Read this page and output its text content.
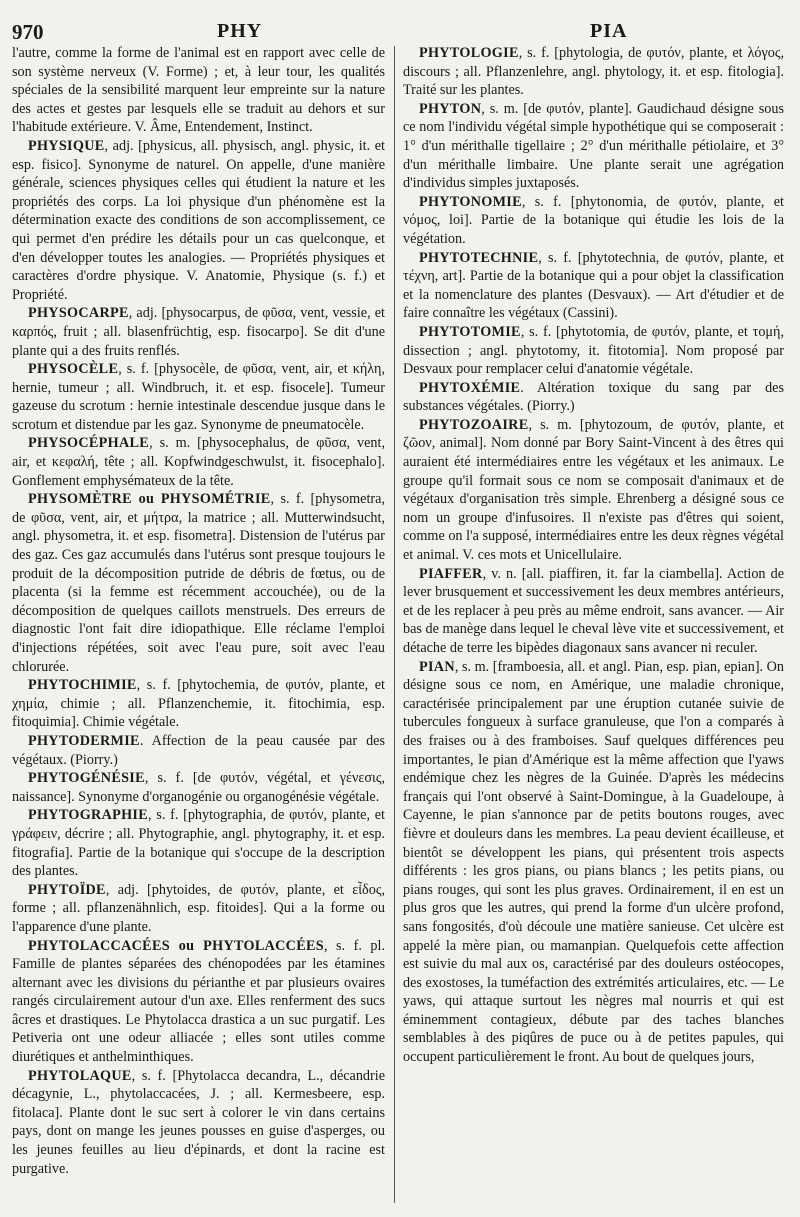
970	PHY	PIA

l'autre, comme la forme de l'animal est en rapport avec celle de son système nerveux (V. Forme) ; et, à leur tour, les qualités spéciales de la sensibilité marquent leur empreinte sur la nature des actes et gestes par lesquels elle se traduit au dehors et sur l'habitude extérieure. V. Âme, Entendement, Instinct.

PHYSIQUE, adj. [physicus, all. physisch, angl. physic, it. et esp. fisico]. Synonyme de naturel. On appelle, d'une manière générale, sciences physiques celles qui étudient la nature et les propriétés des corps. La loi physique d'un phénomène est la détermination exacte des conditions de son accomplissement, ce qui permet d'en prédire les détails pour un cas quelconque, et d'en développer toutes les analogies. — Propriétés physiques et caractères d'ordre physique. V. Anatomie, Physique (s. f.) et Propriété.

PHYSOCARPE, adj. [physocarpus, de φῦσα, vent, vessie, et καρπός, fruit ; all. blasenfrüchtig, esp. fisocarpo]. Se dit d'une plante qui a des fruits renflés.

PHYSOCÈLE, s. f. [physocèle, de φῦσα, vent, air, et κήλη, hernie, tumeur ; all. Windbruch, it. et esp. fisocele]. Tumeur gazeuse du scrotum : hernie intestinale descendue jusque dans le scrotum et distendue par les gaz. Synonyme de pneumatocèle.

PHYSOCÉPHALE, s. m. [physocephalus, de φῦσα, vent, air, et κεφαλή, tête ; all. Kopfwindgeschwulst, it. fisocephalo]. Gonflement emphysémateux de la tête.

PHYSOMÈTRE ou PHYSOMÉTRIE, s. f. [physometra, de φῦσα, vent, air, et μήτρα, la matrice ; all. Mutterwindsucht, angl. physometra, it. et esp. fisometra]. Distension de l'utérus par des gaz. Ces gaz accumulés dans l'utérus sont presque toujours le produit de la décomposition putride de débris de fœtus, ou de placenta (si la femme est récemment accouchée), ou de la décomposition de quelques caillots menstruels. Des erreurs de diagnostic l'ont fait dire idiopathique. Elle réclame l'emploi d'injections répétées, soit avec l'eau pure, soit avec l'eau chlorurée.

PHYTOCHIMIE, s. f. [phytochemia, de φυτόν, plante, et χημία, chimie ; all. Pflanzenchemie, it. fitochimia, esp. fitoquimia]. Chimie végétale.

PHYTODERMIE. Affection de la peau causée par des végétaux. (Piorry.)

PHYTOGÉNÉSIE, s. f. [de φυτόν, végétal, et γένεσις, naissance]. Synonyme d'organogénie ou organogénésie végétale.

PHYTOGRAPHIE, s. f. [phytographia, de φυτόν, plante, et γράφειν, décrire ; all. Phytographie, angl. phytography, it. et esp. fitografia]. Partie de la botanique qui s'occupe de la description des plantes.

PHYTOÏDE, adj. [phytoides, de φυτόν, plante, et εἶδος, forme ; all. pflanzenähnlich, esp. fitoides]. Qui a la forme ou l'apparence d'une plante.

PHYTOLACCACÉES ou PHYTOLACCÉES, s. f. pl. Famille de plantes séparées des chénopodées par les étamines alternant avec les divisions du périanthe et par plusieurs ovaires rangés circulairement autour d'un axe. Elles renferment des sucs âcres et drastiques. Le Phytolacca drastica a un suc purgatif. Les Petiveria ont une odeur alliacée ; elles sont utiles comme diurétiques et anthelminthiques.

PHYTOLAQUE, s. f. [Phytolacca decandra, L., décandrie décagynie, L., phytolaccacées, J. ; all. Kermesbeere, esp. fitolaca]. Plante dont le suc sert à colorer le vin dans certains pays, dont on mange les jeunes pousses en guise d'asperges, ou les jeunes feuilles au lieu d'épinards, et dont la racine est purgative.

PHYTOLOGIE, s. f. [phytologia, de φυτόν, plante, et λόγος, discours ; all. Pflanzenlehre, angl. phytology, it. et esp. fitologia]. Traité sur les plantes.

PHYTON, s. m. [de φυτόν, plante]. Gaudichaud désigne sous ce nom l'individu végétal simple hypothétique qui se composerait : 1° d'un mérithalle tigellaire ; 2° d'un mérithalle pétiolaire, et 3° d'un mérithalle limbaire. Une plante serait une agrégation d'individus simples juxtaposés.

PHYTONOMIE, s. f. [phytonomia, de φυτόν, plante, et νόμος, loi]. Partie de la botanique qui étudie les lois de la végétation.

PHYTOTECHNIE, s. f. [phytotechnia, de φυτόν, plante, et τέχνη, art]. Partie de la botanique qui a pour objet la classification et la nomenclature des plantes (Desvaux). — Art d'étudier et de faire connaître les végétaux (Cassini).

PHYTOTOMIE, s. f. [phytotomia, de φυτόν, plante, et τομή, dissection ; angl. phytotomy, it. fitotomia]. Nom proposé par Desvaux pour remplacer celui d'anatomie végétale.

PHYTOXÉMIE. Altération toxique du sang par des substances végétales. (Piorry.)

PHYTOZOAIRE, s. m. [phytozoum, de φυτόν, plante, et ζῶον, animal]. Nom donné par Bory Saint-Vincent à des êtres qui auraient été intermédiaires entre les végétaux et les animaux. Le groupe qu'il formait sous ce nom se composait d'animaux et de végétaux d'organisation très simple. Ehrenberg a désigné sous ce nom un groupe d'infusoires. Il n'existe pas d'êtres qui soient, comme on l'a supposé, intermédiaires entre les deux règnes végétal et animal. V. ces mots et Unicellulaire.

PIAFFER, v. n. [all. piaffiren, it. far la ciambella]. Action de lever brusquement et successivement les deux membres antérieurs, et de les replacer à peu près au même endroit, sans avancer. — Air bas de manège dans lequel le cheval lève vite et successivement, et détache de terre les bipèdes diagonaux sans avancer ni reculer.

PIAN, s. m. [framboesia, all. et angl. Pian, esp. pian, epian]. On désigne sous ce nom, en Amérique, une maladie chronique, caractérisée principalement par une éruption cutanée suivie de tubercules fongueux à surface granuleuse, que l'on a comparés à des fraises ou à des framboises. Sauf quelques différences peu importantes, le pian d'Amérique est la même affection que l'yaws endémique chez les nègres de la Guinée. D'après les médecins français qui l'ont observé à Saint-Domingue, à la Guadeloupe, à Cayenne, le pian s'annonce par de petits boutons rouges, avec fièvre et douleurs dans les membres. La peau devient écailleuse, et bientôt se développent les pians, qui présentent trois aspects différents : les gros pians, ou pians blancs ; les petits pians, ou pians rouges, qui sont les plus graves. Ordinairement, il en est un plus gros que les autres, qui prend la forme d'un ulcère profond, sans fongosités, d'où découle une matière sanieuse. Cet ulcère est appelé la mère pian, ou mamanpian. Quelquefois cette affection est suivie du mal aux os, caractérisé par des douleurs ostéocopes, des exostoses, la tuméfaction des extrémités articulaires, etc. — Le yaws, qui attaque surtout les nègres mal nourris et qui est éminemment contagieux, débute par des taches blanches semblables à des piqûres de puce ou à de petites papules, qui occupent particulièrement le front. Au bout de quelques jours,
